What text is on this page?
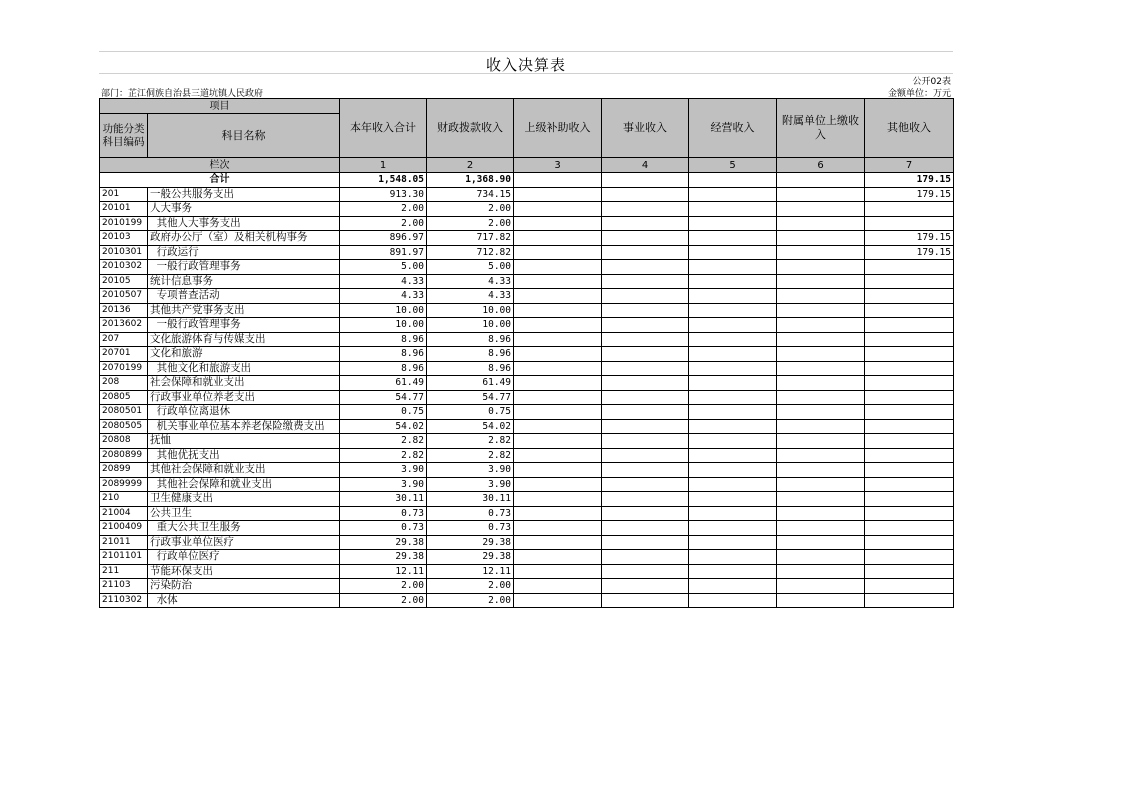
收入决算表
公开02表
部门：芷江侗族自治县三道坑镇人民政府	金额单位：万元
项目		本年收入合计	财政拨款收入	上级补助收入	事业收入	经营收入	附属单位上缴收入	其他收入
功能分类科目编码	科目名称							
栏次		1	2	3	4	5	6	7
合计		1,548.05	1,368.90					179.15
201	一般公共服务支出	913.30	734.15					179.15
20101	人大事务	2.00	2.00					
2010199	其他人大事务支出	2.00	2.00					
20103	政府办公厅（室）及相关机构事务	896.97	717.82					179.15
2010301	行政运行	891.97	712.82					179.15
2010302	一般行政管理事务	5.00	5.00					
20105	统计信息事务	4.33	4.33					
2010507	专项普查活动	4.33	4.33					
20136	其他共产党事务支出	10.00	10.00					
2013602	一般行政管理事务	10.00	10.00					
207	文化旅游体育与传媒支出	8.96	8.96					
20701	文化和旅游	8.96	8.96					
2070199	其他文化和旅游支出	8.96	8.96					
208	社会保障和就业支出	61.49	61.49					
20805	行政事业单位养老支出	54.77	54.77					
2080501	行政单位离退休	0.75	0.75					
2080505	机关事业单位基本养老保险缴费支出	54.02	54.02					
20808	抚恤	2.82	2.82					
2080899	其他优抚支出	2.82	2.82					
20899	其他社会保障和就业支出	3.90	3.90					
2089999	其他社会保障和就业支出	3.90	3.90					
210	卫生健康支出	30.11	30.11					
21004	公共卫生	0.73	0.73					
2100409	重大公共卫生服务	0.73	0.73					
21011	行政事业单位医疗	29.38	29.38					
2101101	行政单位医疗	29.38	29.38					
211	节能环保支出	12.11	12.11					
21103	污染防治	2.00	2.00					
2110302	水体	2.00	2.00					
